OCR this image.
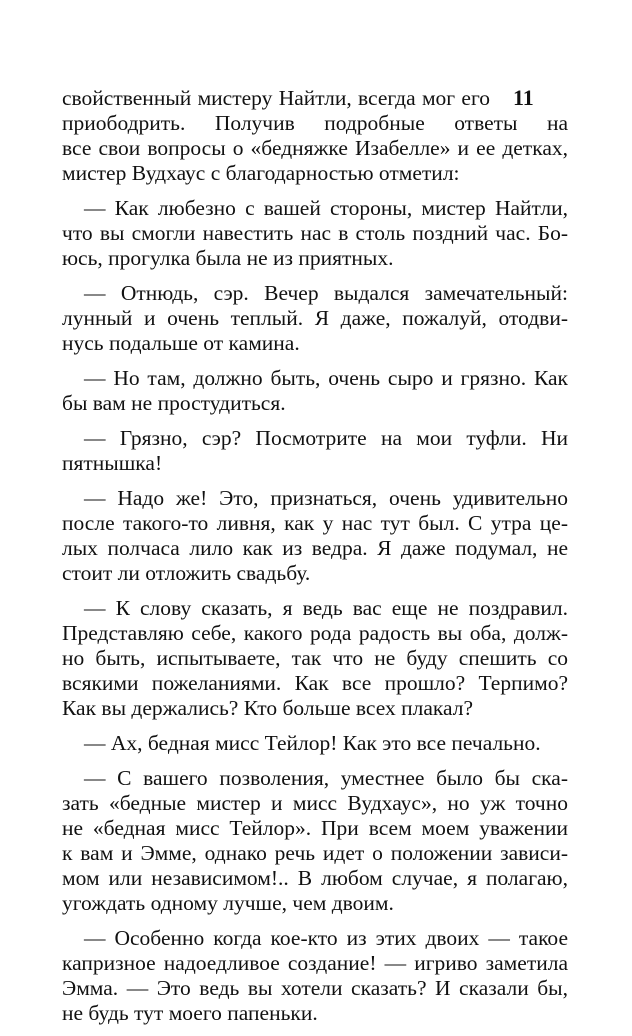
11
свойственный мистеру Найтли, всегда мог его
приободрить. Получив подробные ответы на
все свои вопросы о «бедняжке Изабелле» и ее детках,
мистер Вудхаус с благодарностью отметил:
— Как любезно с вашей стороны, мистер Найтли,
что вы смогли навестить нас в столь поздний час. Бо-
юсь, прогулка была не из приятных.
— Отнюдь, сэр. Вечер выдался замечательный:
лунный и очень теплый. Я даже, пожалуй, отодви-
нусь подальше от камина.
— Но там, должно быть, очень сыро и грязно. Как
бы вам не простудиться.
— Грязно, сэр? Посмотрите на мои туфли. Ни
пятнышка!
— Надо же! Это, признаться, очень удивительно
после такого-то ливня, как у нас тут был. С утра це-
лых полчаса лило как из ведра. Я даже подумал, не
стоит ли отложить свадьбу.
— К слову сказать, я ведь вас еще не поздравил.
Представляю себе, какого рода радость вы оба, долж-
но быть, испытываете, так что не буду спешить со
всякими пожеланиями. Как все прошло? Терпимо?
Как вы держались? Кто больше всех плакал?
— Ах, бедная мисс Тейлор! Как это все печально.
— С вашего позволения, уместнее было бы ска-
зать «бедные мистер и мисс Вудхаус», но уж точно
не «бедная мисс Тейлор». При всем моем уважении
к вам и Эмме, однако речь идет о положении зависи-
мом или независимом!.. В любом случае, я полагаю,
угождать одному лучше, чем двоим.
— Особенно когда кое-кто из этих двоих — такое
капризное надоедливое создание! — игриво заметила
Эмма. — Это ведь вы хотели сказать? И сказали бы,
не будь тут моего папеньки.
